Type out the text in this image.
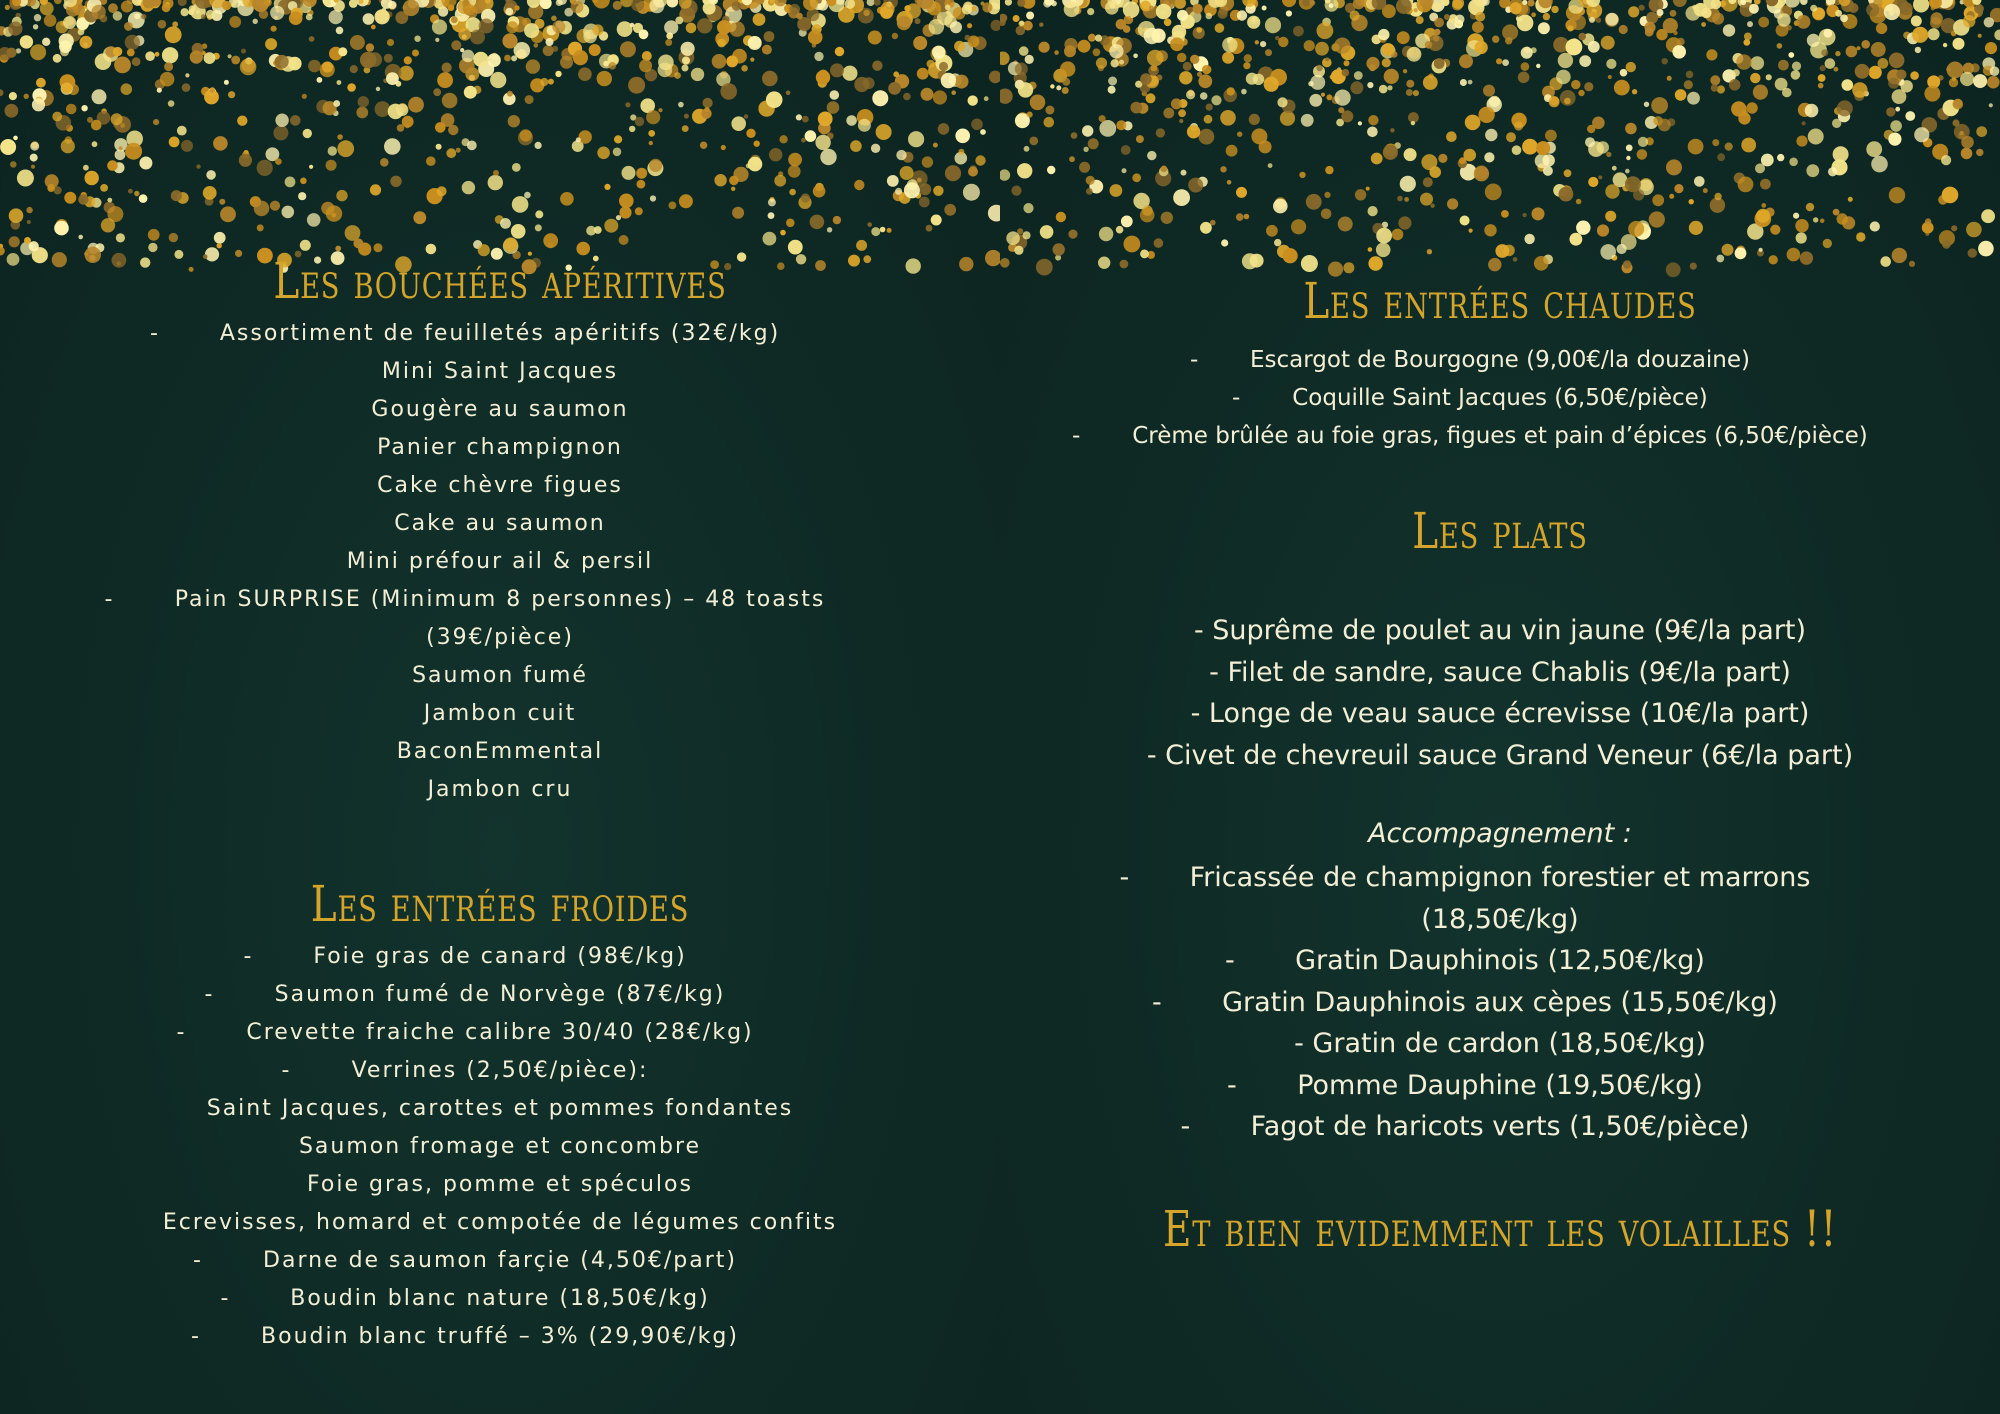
Les bouchées apéritives
-	Assortiment de feuilletés apéritifs (32€/kg)
Mini Saint Jacques
Gougère au saumon
Panier champignon
Cake chèvre figues
Cake au saumon
Mini préfour ail & persil
-	Pain SURPRISE (Minimum 8 personnes) – 48 toasts
(39€/pièce)
Saumon fumé
Jambon cuit
BaconEmmental
Jambon cru
Les entrées froides
-	Foie gras de canard (98€/kg)
-	Saumon fumé de Norvège (87€/kg)
-	Crevette fraiche calibre 30/40 (28€/kg)
-	Verrines (2,50€/pièce):
Saint Jacques, carottes et pommes fondantes
Saumon fromage et concombre
Foie gras, pomme et spéculos
Ecrevisses, homard et compotée de légumes confits
-	Darne de saumon farçie (4,50€/part)
-	Boudin blanc nature (18,50€/kg)
-	Boudin blanc truffé – 3% (29,90€/kg)
Les entrées chaudes
- Escargot de Bourgogne (9,00€/la douzaine)
- Coquille Saint Jacques (6,50€/pièce)
- Crème brûlée au foie gras, figues et pain d’épices (6,50€/pièce)
Les plats
- Suprême de poulet au vin jaune (9€/la part)
- Filet de sandre, sauce Chablis (9€/la part)
- Longe de veau sauce écrevisse (10€/la part)
- Civet de chevreuil sauce Grand Veneur (6€/la part)
Accompagnement :
- Fricassée de champignon forestier et marrons
(18,50€/kg)
- Gratin Dauphinois (12,50€/kg)
- Gratin Dauphinois aux cèpes (15,50€/kg)
- Gratin de cardon (18,50€/kg)
- Pomme Dauphine (19,50€/kg)
- Fagot de haricots verts (1,50€/pièce)
Et bien evidemment les volailles !!
